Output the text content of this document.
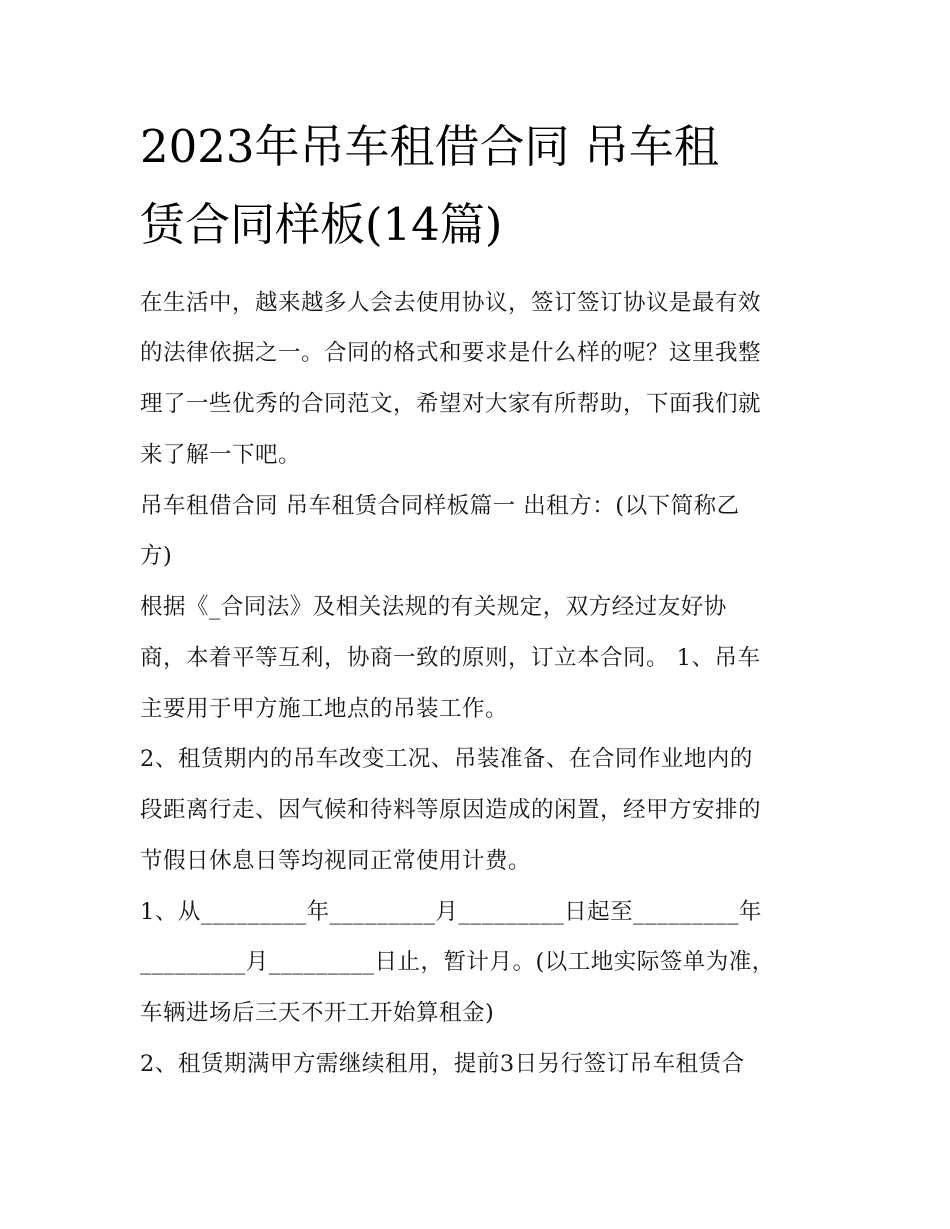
2023年吊车租借合同 吊车租
赁合同样板(14篇)
在生活中，越来越多人会去使用协议，签订签订协议是最有效
的法律依据之一。合同的格式和要求是什么样的呢？这里我整
理了一些优秀的合同范文，希望对大家有所帮助，下面我们就
来了解一下吧。
吊车租借合同 吊车租赁合同样板篇一 出租方：(以下简称乙
方)
根据《_合同法》及相关法规的有关规定，双方经过友好协
商，本着平等互利，协商一致的原则，订立本合同。 1、吊车
主要用于甲方施工地点的吊装工作。
2、租赁期内的吊车改变工况、吊装准备、在合同作业地内的
段距离行走、因气候和待料等原因造成的闲置，经甲方安排的
节假日休息日等均视同正常使用计费。
1、从_________年_________月_________日起至_________年
_________月_________日止，暂计月。(以工地实际签单为准，
车辆进场后三天不开工开始算租金)
2、租赁期满甲方需继续租用，提前3日另行签订吊车租赁合
